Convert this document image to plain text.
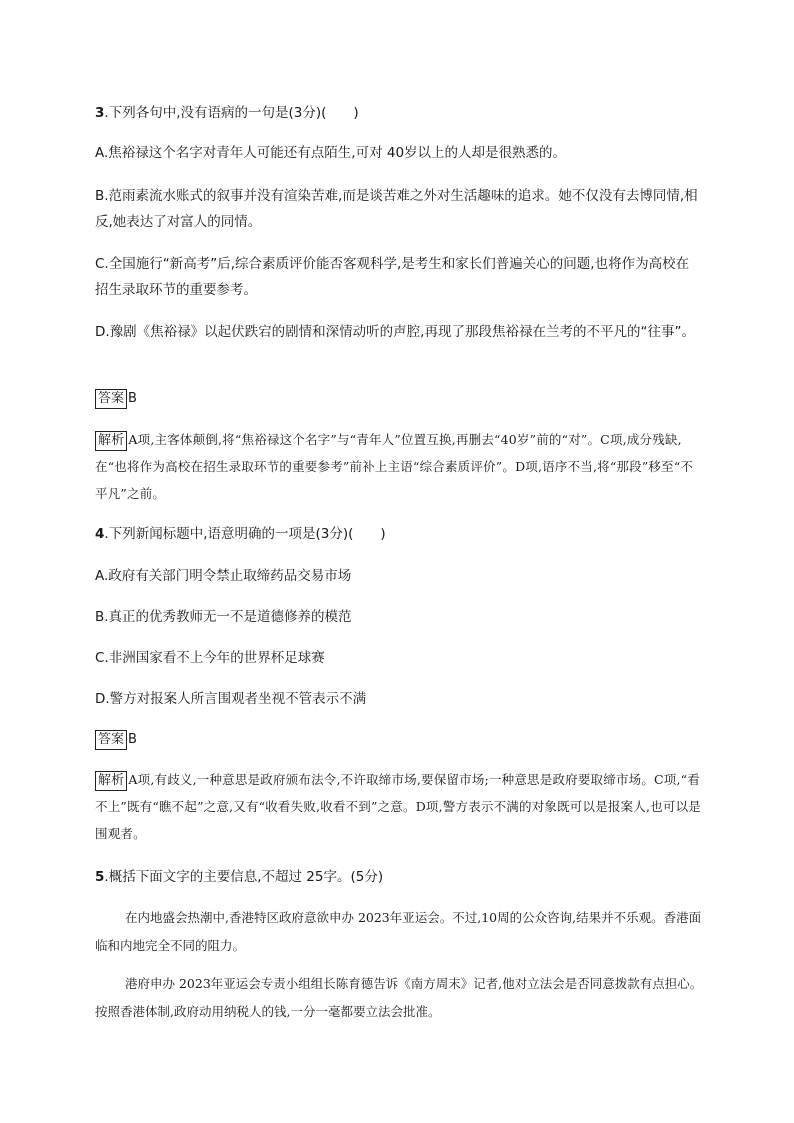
3.下列各句中,没有语病的一句是(3分)(　　)

A.焦裕禄这个名字对青年人可能还有点陌生,可对 40岁以上的人却是很熟悉的。

B.范雨素流水账式的叙事并没有渲染苦难,而是谈苦难之外对生活趣味的追求。她不仅没有去博同情,相反,她表达了对富人的同情。

C.全国施行“新高考”后,综合素质评价能否客观科学,是考生和家长们普遍关心的问题,也将作为高校在 招生录取环节的重要参考。

D.豫剧《焦裕禄》以起伏跌宕的剧情和深情动听的声腔,再现了那段焦裕禄在兰考的不平凡的“往事”。

答案 B

解析 A项,主客体颠倒,将“焦裕禄这个名字”与“青年人”位置互换,再删去“40岁”前的“对”。C项,成分残缺,在“也将作为高校在招生录取环节的重要参考”前补上主语“综合素质评价”。D项,语序不当,将“那段”移至“不平凡”之前。

4.下列新闻标题中,语意明确的一项是(3分)(　　)

A.政府有关部门明令禁止取缔药品交易市场

B.真正的优秀教师无一不是道德修养的模范

C.非洲国家看不上今年的世界杯足球赛

D.警方对报案人所言围观者坐视不管表示不满

答案 B

解析 A项,有歧义,一种意思是政府颁布法令,不许取缔市场,要保留市场;一种意思是政府要取缔市场。C项,“看不上”既有“瞧不起”之意,又有“收看失败,收看不到”之意。D项,警方表示不满的对象既可以是报案人,也可以是围观者。

5.概括下面文字的主要信息,不超过 25字。(5分)

在内地盛会热潮中,香港特区政府意欲申办 2023年亚运会。不过,10周的公众咨询,结果并不乐观。香港面临和内地完全不同的阻力。

港府申办 2023年亚运会专责小组组长陈育德告诉《南方周末》记者,他对立法会是否同意拨款有点担心。按照香港体制,政府动用纳税人的钱,一分一毫都要立法会批准。
